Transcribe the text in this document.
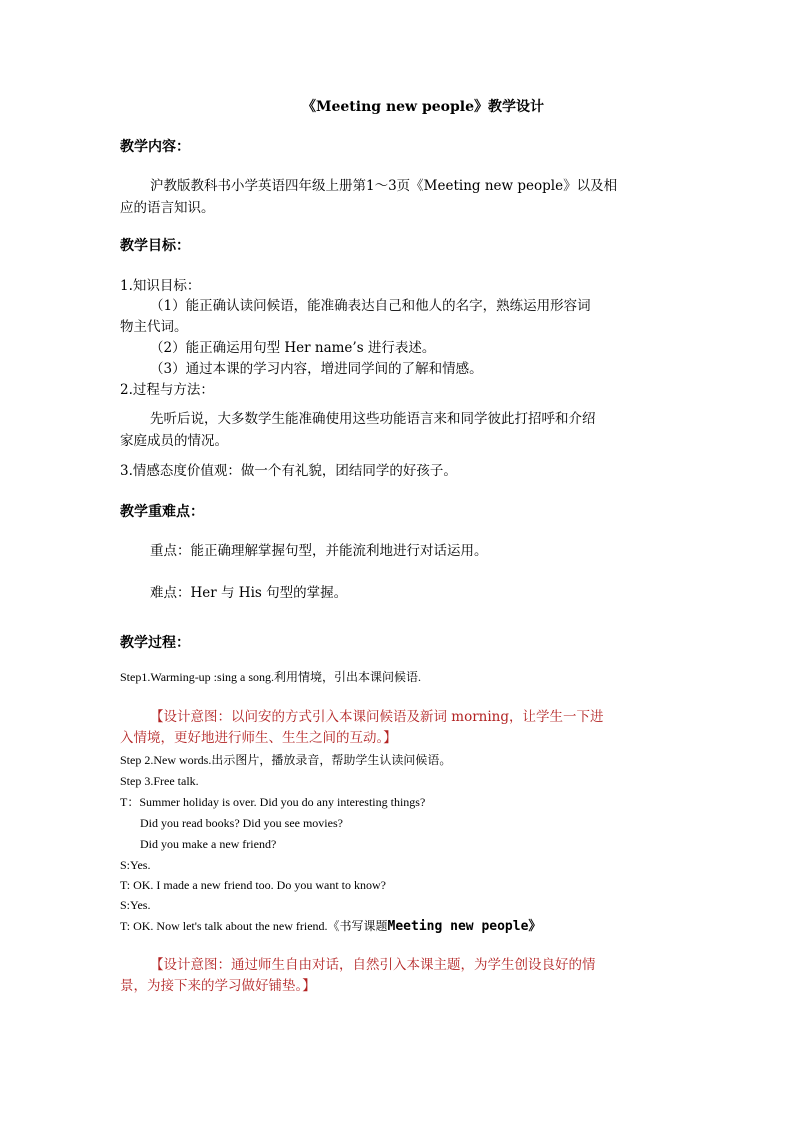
《Meeting new people》教学设计
教学内容：
沪教版教科书小学英语四年级上册第1～3页《Meeting new people》以及相
应的语言知识。
教学目标：
1.知识目标：
（1）能正确认读问候语，能准确表达自己和他人的名字，熟练运用形容词
物主代词。
（2）能正确运用句型 Her name’s 进行表述。
（3）通过本课的学习内容，增进同学间的了解和情感。
2.过程与方法：
先听后说，大多数学生能准确使用这些功能语言来和同学彼此打招呼和介绍
家庭成员的情况。
3.情感态度价值观：做一个有礼貌，团结同学的好孩子。
教学重难点：
重点：能正确理解掌握句型，并能流利地进行对话运用。
难点：Her 与 His 句型的掌握。
教学过程：
Step1.Warming-up :sing a song.利用情境，引出本课问候语.
【设计意图：以问安的方式引入本课问候语及新词 morning，让学生一下进
入情境，更好地进行师生、生生之间的互动。】
Step 2.New words.出示图片，播放录音，帮助学生认读问候语。
Step 3.Free talk.
T：Summer holiday is over. Did you do any interesting things?
Did you read books? Did you see movies?
Did you make a new friend?
S:Yes.
T: OK. I made a new friend too. Do you want to know?
S:Yes.
T: OK. Now let's talk about the new friend.《书写课题Meeting new people》
【设计意图：通过师生自由对话，自然引入本课主题，为学生创设良好的情
景，为接下来的学习做好铺垫。】
